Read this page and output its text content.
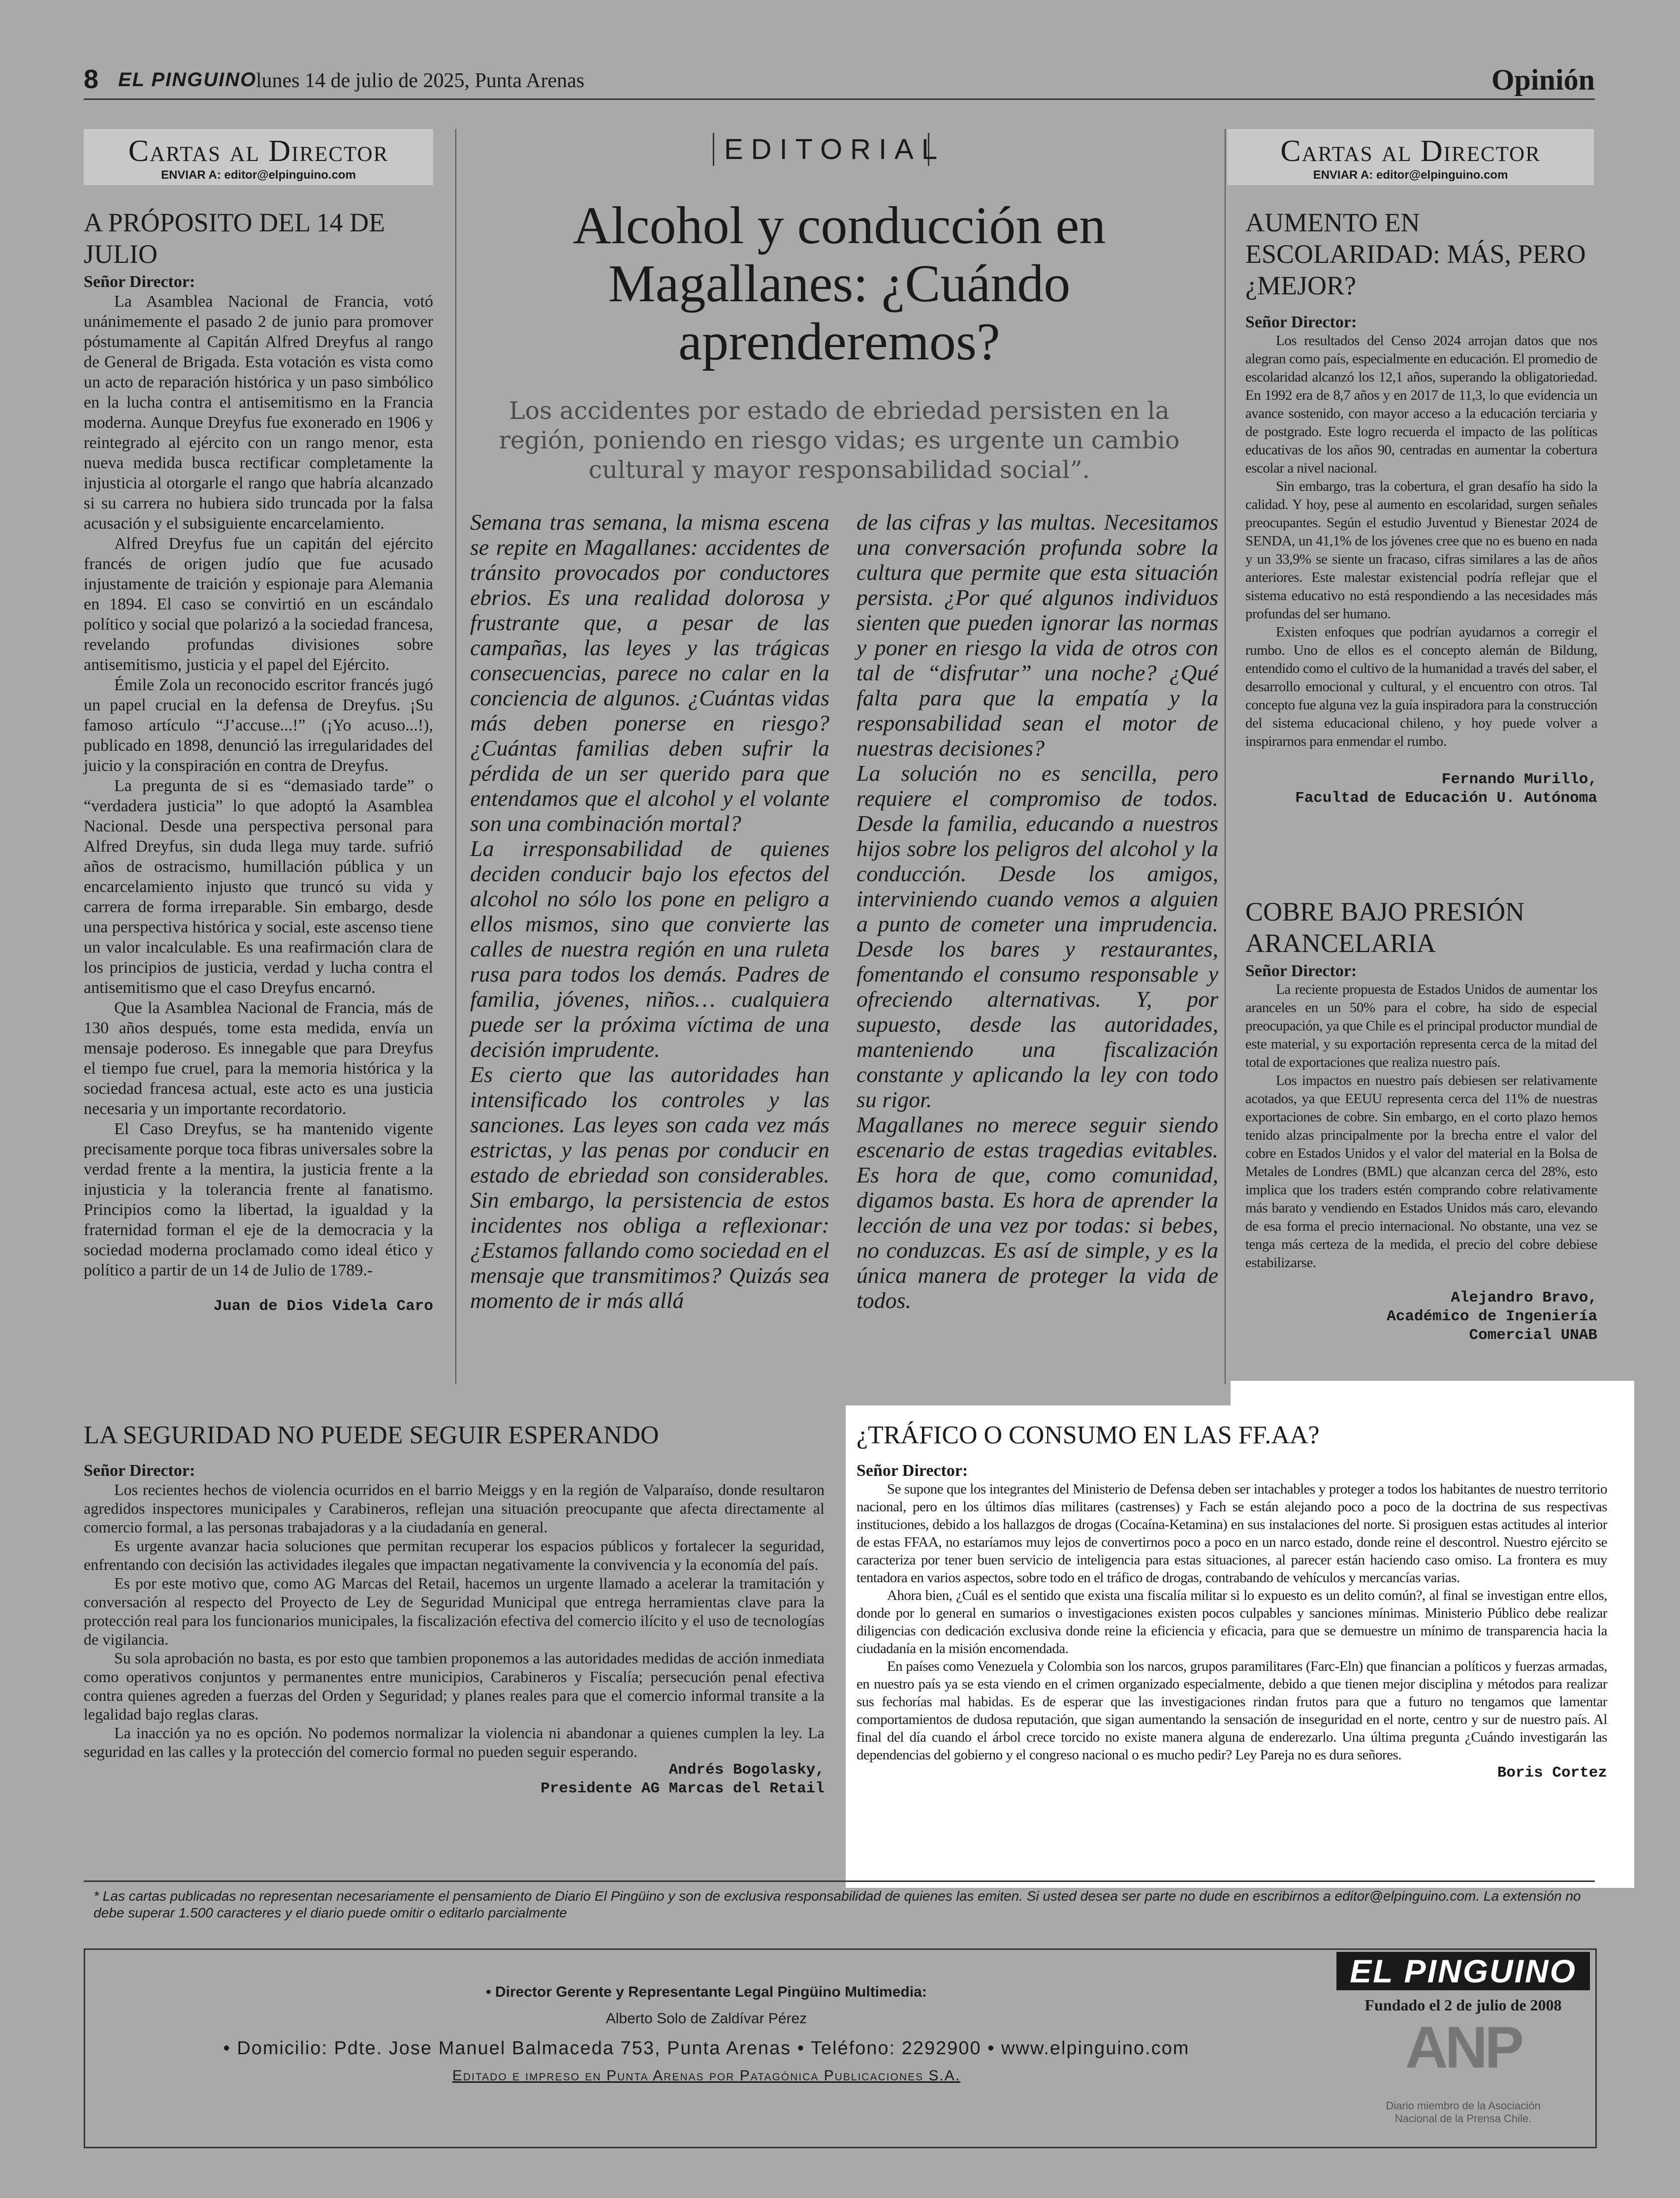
8 EL PINGUINO
lunes 14 de julio de 2025, Punta Arenas	Opinión
Cartas al Director
ENVIAR A: editor@elpinguino.com
A PRÓPOSITO DEL 14 DE JULIO
Señor Director:

La Asamblea Nacional de Francia, votó unánimemente el pasado 2 de junio para promover póstumamente al Capitán Alfred Dreyfus al rango de General de Brigada. Esta votación es vista como un acto de reparación histórica y un paso simbólico en la lucha contra el antisemitismo en la Francia moderna. Aunque Dreyfus fue exonerado en 1906 y reintegrado al ejército con un rango menor, esta nueva medida busca rectificar completamente la injusticia al otorgarle el rango que habría alcanzado si su carrera no hubiera sido truncada por la falsa acusación y el subsiguiente encarcelamiento.

Alfred Dreyfus fue un capitán del ejército francés de origen judío que fue acusado injustamente de traición y espionaje para Alemania en 1894. El caso se convirtió en un escándalo político y social que polarizó a la sociedad francesa, revelando profundas divisiones sobre antisemitismo, justicia y el papel del Ejército.

Émile Zola un reconocido escritor francés jugó un papel crucial en la defensa de Dreyfus. ¡Su famoso artículo “J’accuse...!” (¡Yo acuso...!), publicado en 1898, denunció las irregularidades del juicio y la conspiración en contra de Dreyfus.

La pregunta de si es “demasiado tarde” o “verdadera justicia” lo que adoptó la Asamblea Nacional. Desde una perspectiva personal para Alfred Dreyfus, sin duda llega muy tarde. sufrió años de ostracismo, humillación pública y un encarcelamiento injusto que truncó su vida y carrera de forma irreparable. Sin embargo, desde una perspectiva histórica y social, este ascenso tiene un valor incalculable. Es una reafirmación clara de los principios de justicia, verdad y lucha contra el antisemitismo que el caso Dreyfus encarnó.

Que la Asamblea Nacional de Francia, más de 130 años después, tome esta medida, envía un mensaje poderoso. Es innegable que para Dreyfus el tiempo fue cruel, para la memoria histórica y la sociedad francesa actual, este acto es una justicia necesaria y un importante recordatorio.

El Caso Dreyfus, se ha mantenido vigente precisamente porque toca fibras universales sobre la verdad frente a la mentira, la justicia frente a la injusticia y la tolerancia frente al fanatismo. Principios como la libertad, la igualdad y la fraternidad forman el eje de la democracia y la sociedad moderna proclamado como ideal ético y político a partir de un 14 de Julio de 1789.-

Juan de Dios Videla Caro
EDITORIAL
Alcohol y conducción en Magallanes: ¿Cuándo aprenderemos?
Los accidentes por estado de ebriedad persisten en la región, poniendo en riesgo vidas; es urgente un cambio cultural y mayor responsabilidad social”.

Semana tras semana, la misma escena se repite en Magallanes: accidentes de tránsito provocados por conductores ebrios. Es una realidad dolorosa y frustrante que, a pesar de las campañas, las leyes y las trágicas consecuencias, parece no calar en la conciencia de algunos. ¿Cuántas vidas más deben ponerse en riesgo? ¿Cuántas familias deben sufrir la pérdida de un ser querido para que entendamos que el alcohol y el volante son una combinación mortal?

La irresponsabilidad de quienes deciden conducir bajo los efectos del alcohol no sólo los pone en peligro a ellos mismos, sino que convierte las calles de nuestra región en una ruleta rusa para todos los demás. Padres de familia, jóvenes, niños… cualquiera puede ser la próxima víctima de una decisión imprudente.

Es cierto que las autoridades han intensificado los controles y las sanciones. Las leyes son cada vez más estrictas, y las penas por conducir en estado de ebriedad son considerables. Sin embargo, la persistencia de estos incidentes nos obliga a reflexionar: ¿Estamos fallando como sociedad en el mensaje que transmitimos? Quizás sea momento de ir más allá

de las cifras y las multas. Necesitamos una conversación profunda sobre la cultura que permite que esta situación persista. ¿Por qué algunos individuos sienten que pueden ignorar las normas y poner en riesgo la vida de otros con tal de “disfrutar” una noche? ¿Qué falta para que la empatía y la responsabilidad sean el motor de nuestras decisiones?

La solución no es sencilla, pero requiere el compromiso de todos. Desde la familia, educando a nuestros hijos sobre los peligros del alcohol y la conducción. Desde los amigos, interviniendo cuando vemos a alguien a punto de cometer una imprudencia. Desde los bares y restaurantes, fomentando el consumo responsable y ofreciendo alternativas. Y, por supuesto, desde las autoridades, manteniendo una fiscalización constante y aplicando la ley con todo su rigor.

Magallanes no merece seguir siendo escenario de estas tragedias evitables. Es hora de que, como comunidad, digamos basta. Es hora de aprender la lección de una vez por todas: si bebes, no conduzcas. Es así de simple, y es la única manera de proteger la vida de todos.

Cartas al Director
ENVIAR A: editor@elpinguino.com
AUMENTO EN ESCOLARIDAD: MÁS, PERO ¿MEJOR?
Señor Director:

Los resultados del Censo 2024 arrojan datos que nos alegran como país, especialmente en educación. El promedio de escolaridad alcanzó los 12,1 años, superando la obligatoriedad. En 1992 era de 8,7 años y en 2017 de 11,3, lo que evidencia un avance sostenido, con mayor acceso a la educación terciaria y de postgrado. Este logro recuerda el impacto de las políticas educativas de los años 90, centradas en aumentar la cobertura escolar a nivel nacional.

Sin embargo, tras la cobertura, el gran desafío ha sido la calidad. Y hoy, pese al aumento en escolaridad, surgen señales preocupantes. Según el estudio Juventud y Bienestar 2024 de SENDA, un 41,1% de los jóvenes cree que no es bueno en nada y un 33,9% se siente un fracaso, cifras similares a las de años anteriores. Este malestar existencial podría reflejar que el sistema educativo no está respondiendo a las necesidades más profundas del ser humano.

Existen enfoques que podrían ayudarnos a corregir el rumbo. Uno de ellos es el concepto alemán de Bildung, entendido como el cultivo de la humanidad a través del saber, el desarrollo emocional y cultural, y el encuentro con otros. Tal concepto fue alguna vez la guía inspiradora para la construcción del sistema educacional chileno, y hoy puede volver a inspirarnos para enmendar el rumbo.

Fernando Murillo,
Facultad de Educación U. Autónoma
COBRE BAJO PRESIÓN ARANCELARIA
Señor Director:

La reciente propuesta de Estados Unidos de aumentar los aranceles en un 50% para el cobre, ha sido de especial preocupación, ya que Chile es el principal productor mundial de este material, y su exportación representa cerca de la mitad del total de exportaciones que realiza nuestro país.

Los impactos en nuestro país debiesen ser relativamente acotados, ya que EEUU representa cerca del 11% de nuestras exportaciones de cobre. Sin embargo, en el corto plazo hemos tenido alzas principalmente por la brecha entre el valor del cobre en Estados Unidos y el valor del material en la Bolsa de Metales de Londres (BML) que alcanzan cerca del 28%, esto implica que los traders estén comprando cobre relativamente más barato y vendiendo en Estados Unidos más caro, elevando de esa forma el precio internacional. No obstante, una vez se tenga más certeza de la medida, el precio del cobre debiese estabilizarse.

Alejandro Bravo,
Académico de Ingeniería
Comercial UNAB
LA SEGURIDAD NO PUEDE SEGUIR ESPERANDO
Señor Director:

Los recientes hechos de violencia ocurridos en el barrio Meiggs y en la región de Valparaíso, donde resultaron agredidos inspectores municipales y Carabineros, reflejan una situación preocupante que afecta directamente al comercio formal, a las personas trabajadoras y a la ciudadanía en general.

Es urgente avanzar hacia soluciones que permitan recuperar los espacios públicos y fortalecer la seguridad, enfrentando con decisión las actividades ilegales que impactan negativamente la convivencia y la economía del país.

Es por este motivo que, como AG Marcas del Retail, hacemos un urgente llamado a acelerar la tramitación y conversación al respecto del Proyecto de Ley de Seguridad Municipal que entrega herramientas clave para la protección real para los funcionarios municipales, la fiscalización efectiva del comercio ilícito y el uso de tecnologías de vigilancia.

Su sola aprobación no basta, es por esto que tambien proponemos a las autoridades medidas de acción inmediata como operativos conjuntos y permanentes entre municipios, Carabineros y Fiscalía; persecución penal efectiva contra quienes agreden a fuerzas del Orden y Seguridad; y planes reales para que el comercio informal transite a la legalidad bajo reglas claras.

La inacción ya no es opción. No podemos normalizar la violencia ni abandonar a quienes cumplen la ley. La seguridad en las calles y la protección del comercio formal no pueden seguir esperando.

Andrés Bogolasky,
Presidente AG Marcas del Retail
¿TRÁFICO O CONSUMO EN LAS FF.AA?
Señor Director:

Se supone que los integrantes del Ministerio de Defensa deben ser intachables y proteger a todos los habitantes de nuestro territorio nacional, pero en los últimos días militares (castrenses) y Fach se están alejando poco a poco de la doctrina de sus respectivas instituciones, debido a los hallazgos de drogas (Cocaína-Ketamina) en sus instalaciones del norte. Si prosiguen estas actitudes al interior de estas FFAA, no estaríamos muy lejos de convertirnos poco a poco en un narco estado, donde reine el descontrol. Nuestro ejército se caracteriza por tener buen servicio de inteligencia para estas situaciones, al parecer están haciendo caso omiso. La frontera es muy tentadora en varios aspectos, sobre todo en el tráfico de drogas, contrabando de vehículos y mercancías varias.

Ahora bien, ¿Cuál es el sentido que exista una fiscalía militar si lo expuesto es un delito común?, al final se investigan entre ellos, donde por lo general en sumarios o investigaciones existen pocos culpables y sanciones mínimas. Ministerio Público debe realizar diligencias con dedicación exclusiva donde reine la eficiencia y eficacia, para que se demuestre un mínimo de transparencia hacia la ciudadanía en la misión encomendada.

En países como Venezuela y Colombia son los narcos, grupos paramilitares (Farc-Eln) que financian a políticos y fuerzas armadas, en nuestro país ya se esta viendo en el crimen organizado especialmente, debido a que tienen mejor disciplina y métodos para realizar sus fechorías mal habidas. Es de esperar que las investigaciones rindan frutos para que a futuro no tengamos que lamentar comportamientos de dudosa reputación, que sigan aumentando la sensación de inseguridad en el norte, centro y sur de nuestro país. Al final del día cuando el árbol crece torcido no existe manera alguna de enderezarlo. Una última pregunta ¿Cuándo investigarán las dependencias del gobierno y el congreso nacional o es mucho pedir? Ley Pareja no es dura señores.

Boris Cortez
* Las cartas publicadas no representan necesariamente el pensamiento de Diario El Pingüino y son de exclusiva responsabilidad de quienes las emiten. Si usted desea ser parte no dude en escribirnos a editor@elpinguino.com. La extensión no debe superar 1.500 caracteres y el diario puede omitir o editarlo parcialmente
• Director Gerente y Representante Legal Pingüino Multimedia:
Alberto Solo de Zaldívar Pérez
• Domicilio: Pdte. Jose Manuel Balmaceda 753, Punta Arenas • Teléfono: 2292900 • www.elpinguino.com
Editado e impreso en Punta Arenas por Patagónica Publicaciones S.A.
EL PINGUINO
Fundado el 2 de julio de 2008
ANP
Diario miembro de la Asociación
Nacional de la Prensa Chile.
